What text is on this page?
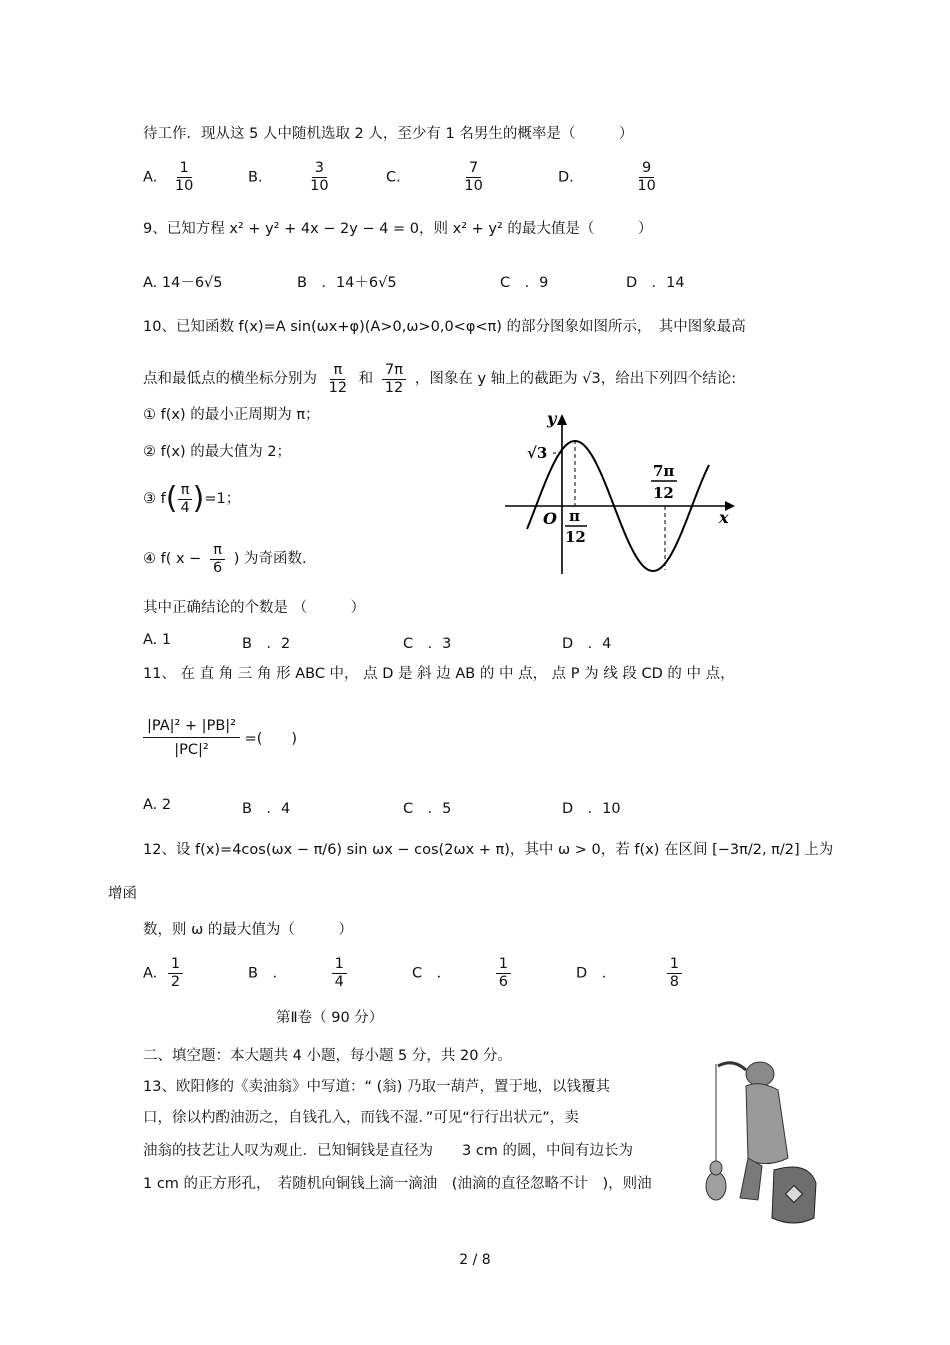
待工作．现从这 5 人中随机选取 2 人，至少有 1 名男生的概率是（　　　）
A. $\frac{1}{10}$	B.	$\frac{3}{10}$	C.	$\frac{7}{10}$	D.	$\frac{9}{10}$
9、已知方程 x² + y² + 4x − 2y − 4 = 0，则 x² + y² 的最大值是（　　　）
A. 14－6√5	B　．14＋6√5	C　．9	D　．14
10、已知函数 f(x)=A sin(ωx+φ)(A>0,ω>0,0<φ<π) 的部分图象如图所示，　其中图象最高
点和最低点的横坐标分别为 $\frac{\pi}{12}$ 和 $\frac{7\pi}{12}$ ，图象在 y 轴上的截距为 √3，给出下列四个结论:
① f(x) 的最小正周期为 π；
② f(x) 的最大值为 2；
③ $f( \frac{\pi}{4} )=1$；
④ f( $x - \frac{\pi}{6}$ ) 为奇函数.
y
x
O
√3
π
12
7π
12
其中正确结论的个数是 （　　　）
A. 1	B　．2	C　．3	D　．4
11、 在 直 角 三 角 形 ABC 中， 点 D 是 斜 边 AB 的 中 点， 点 P 为 线 段 CD 的 中 点，
$\frac{\text{|PA|² + |PB|²}}{\text{|PC|²}}$ =(　　)
A. 2	B　．4	C　．5	D　．10
12、设 f(x)=4cos(ωx − π/6) sin ωx − cos(2ωx + π)，其中 ω > 0，若 f(x) 在区间 [−3π/2, π/2] 上为
增函
数，则 ω 的最大值为（　　　）
A. $\frac{1}{2}$	B　．	$\frac{1}{4}$	C　．	$\frac{1}{6}$	D　．	$\frac{1}{8}$
第Ⅱ卷（ 90 分）
二、填空题：本大题共 4 小题，每小题 5 分，共 20 分。
13、欧阳修的《卖油翁》中写道：“ (翁) 乃取一葫芦，置于地，以钱覆其
口，徐以杓酌油沥之，自钱孔入，而钱不湿．”可见“行行出状元”，卖
油翁的技艺让人叹为观止．已知铜钱是直径为　　3 cm 的圆，中间有边长为
1 cm 的正方形孔，　若随机向铜钱上滴一滴油　(油滴的直径忽略不计　)，则油
2 / 8
